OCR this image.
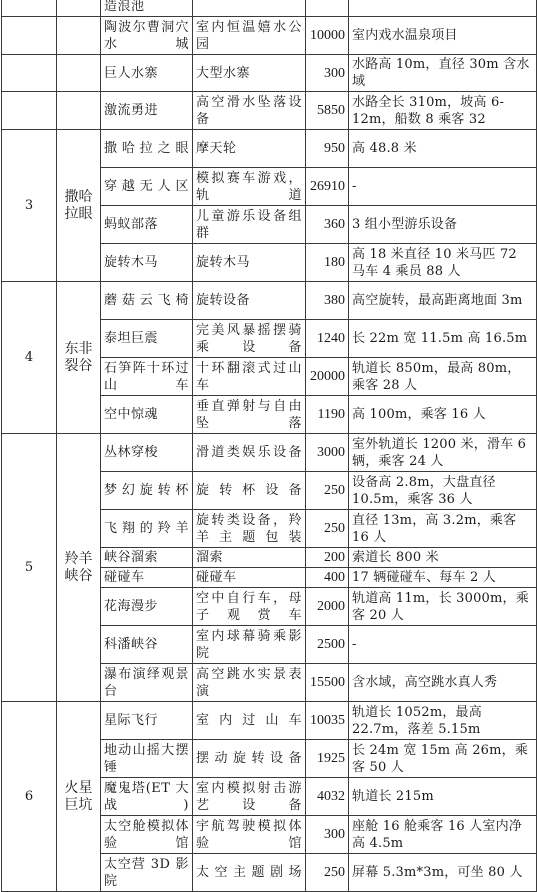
		造浪池			
		陶波尔曹洞穴水城	室内恒温嬉水公园	10000	室内戏水温泉项目
		巨人水寨	大型水寨	300	水路高 10m，直径 30m 含水域
		激流勇进	高空滑水坠落设备	5850	水路全长 310m，坡高 6-12m，船数 8 乘客 32
3	撒哈拉眼	撒哈拉之眼	摩天轮	950	高 48.8 米
		穿越无人区	模拟赛车游戏，轨道	26910	-
		蚂蚁部落	儿童游乐设备组群	360	3 组小型游乐设备
		旋转木马	旋转木马	180	高 18 米直径 10 米马匹 72 马车 4 乘员 88 人
4	东非裂谷	蘑菇云飞椅	旋转设备	380	高空旋转，最高距离地面 3m
		泰坦巨震	完美风暴摇摆骑乘设备	1240	长 22m 宽 11.5m 高 16.5m
		石笋阵十环过山车	十环翻滚式过山车	20000	轨道长 850m，最高 80m，乘客 28 人
		空中惊魂	垂直弹射与自由坠落	1190	高 100m，乘客 16 人
5	羚羊峡谷	丛林穿梭	滑道类娱乐设备	3000	室外轨道长 1200 米，滑车 6 辆，乘客 24 人
		梦幻旋转杯	旋转杯设备	250	设备高 2.8m，大盘直径 10.5m，乘客 36 人
		飞翔的羚羊	旋转类设备，羚羊主题包装	250	直径 13m，高 3.2m，乘客 16 人
		峡谷溜索	溜索	200	索道长 800 米
		碰碰车	碰碰车	400	17 辆碰碰车、每车 2 人
		花海漫步	空中自行车，母子观赏车	2000	轨道高 11m，长 3000m，乘客 20 人
		科潘峡谷	室内球幕骑乘影院	2500	-
		瀑布演绎观景台	高空跳水实景表演	15500	含水域，高空跳水真人秀
6	火星巨坑	星际飞行	室内过山车	10035	轨道长 1052m，最高 22.7m，落差 5.15m
		地动山摇大摆锤	摆动旋转设备	1925	长 24m 宽 15m 高 26m，乘客 50 人
		魔鬼塔(ET 大战)	室内模拟射击游艺设备	4032	轨道长 215m
		太空舱模拟体验馆	宇航驾驶模拟体验馆	300	座舱 16 舱乘客 16 人室内净高 4.5m
		太空营 3D 影院	太空主题剧场	250	屏幕 5.3m*3m，可坐 80 人
